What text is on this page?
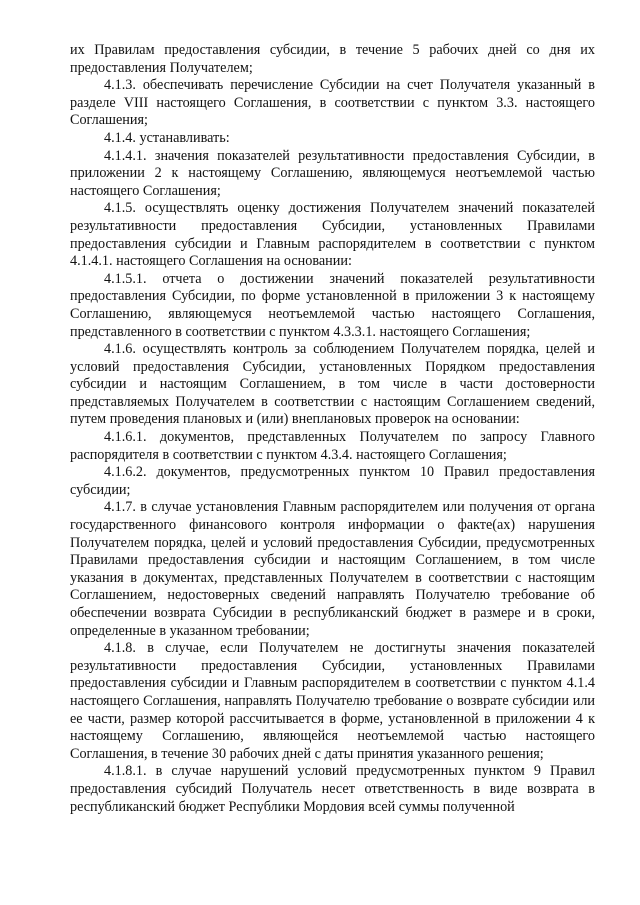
их Правилам предоставления субсидии, в течение 5 рабочих дней со дня их предоставления Получателем;

4.1.3. обеспечивать перечисление Субсидии на счет Получателя указанный в разделе VIII настоящего Соглашения, в соответствии с пунктом 3.3. настоящего Соглашения;

4.1.4. устанавливать:

4.1.4.1. значения показателей результативности предоставления Субсидии, в приложении 2 к настоящему Соглашению, являющемуся неотъемлемой частью настоящего Соглашения;

4.1.5. осуществлять оценку достижения Получателем значений показателей результативности предоставления Субсидии, установленных Правилами предоставления субсидии и Главным распорядителем в соответствии с пунктом 4.1.4.1. настоящего Соглашения на основании:

4.1.5.1. отчета о достижении значений показателей результативности предоставления Субсидии, по форме установленной в приложении 3 к настоящему Соглашению, являющемуся неотъемлемой частью настоящего Соглашения, представленного в соответствии с пунктом 4.3.3.1. настоящего Соглашения;

4.1.6. осуществлять контроль за соблюдением Получателем порядка, целей и условий предоставления Субсидии, установленных Порядком предоставления субсидии и настоящим Соглашением, в том числе в части достоверности представляемых Получателем в соответствии с настоящим Соглашением сведений, путем проведения плановых и (или) внеплановых проверок на основании:

4.1.6.1. документов, представленных Получателем по запросу Главного распорядителя в соответствии с пунктом 4.3.4. настоящего Соглашения;

4.1.6.2. документов, предусмотренных пунктом 10 Правил предоставления субсидии;

4.1.7. в случае установления Главным распорядителем или получения от органа государственного финансового контроля информации о факте(ах) нарушения Получателем порядка, целей и условий предоставления Субсидии, предусмотренных Правилами предоставления субсидии и настоящим Соглашением, в том числе указания в документах, представленных Получателем в соответствии с настоящим Соглашением, недостоверных сведений направлять Получателю требование об обеспечении возврата Субсидии в республиканский бюджет в размере и в сроки, определенные в указанном требовании;

4.1.8. в случае, если Получателем не достигнуты значения показателей результативности предоставления Субсидии, установленных Правилами предоставления субсидии и Главным распорядителем в соответствии с пунктом 4.1.4 настоящего Соглашения, направлять Получателю требование о возврате субсидии или ее части, размер которой рассчитывается в форме, установленной в приложении 4 к настоящему Соглашению, являющейся неотъемлемой частью настоящего Соглашения, в течение 30 рабочих дней с даты принятия указанного решения;

4.1.8.1. в случае нарушений условий предусмотренных пунктом 9 Правил предоставления субсидий Получатель несет ответственность в виде возврата в республиканский бюджет Республики Мордовия всей суммы полученной
